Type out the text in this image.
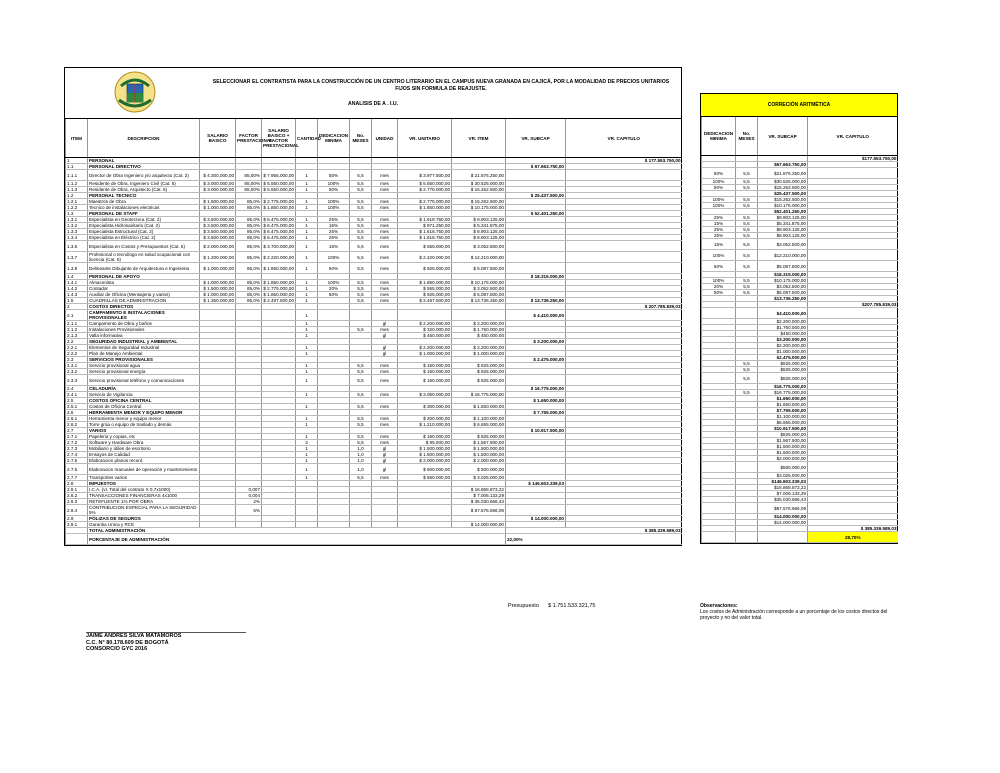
SELECCIONAR EL CONTRATISTA PARA LA CONSTRUCCIÓN DE UN CENTRO LITERARIO EN EL CAMPUS NUEVA GRANADA EN CAJICÁ, POR LA MODALIDAD DE PRECIOS UNITARIOS FIJOS SIN FORMULA DE REAJUSTE.
ANALISIS DE A . I.U.
ITEM	DESCRIPCION	SALARIO BASICO	FACTOR PRESTACIONAL	SALARIO BASICO + FACTOR PRESTACIONAL	CANTIDAD	DEDICACION MINIMA	No. MESES	UNIDAD	VR. UNITARIO	VR. ITEM	VR. SUBCAP	VR. CAPITULO
1	PERSONAL											$ 177.553.750,00
1.1	PERSONAL DIRECTIVO										$ 67.663.750,00	
1.1.1	Director de Obra Ingeniero y/o arquitecto (Cat. 2)	$ 4.300.000,00	85,00%	$ 7.955.000,00	1	50%	5,5	mes	$ 3.977.500,00	$ 21.876.250,00		
1.1.2	Residente de Obra, Ingeniero Civil (Cat. 5)	$ 3.000.000,00	85,00%	$ 5.550.000,00	1	100%	5,5	mes	$ 5.550.000,00	$ 30.525.000,00		
1.1.3	Residente de Obra, Arquitecto (Cat. 5)	$ 3.000.000,00	85,00%	$ 5.550.000,00	1	50%	5,5	mes	$ 2.775.000,00	$ 15.262.500,00		
1.2	PERSONAL TECNICO										$ 25.437.500,00	
1.2.1	Maestros de Obra	$ 1.500.000,00	85,0%	$ 2.775.000,00	1	100%	5,5	mes	$ 2.775.000,00	$ 15.262.500,00		
1.2.2	Tecnico de instalaciones electricas	$ 1.000.000,00	85,0%	$ 1.850.000,00	1	100%	5,5	mes	$ 1.850.000,00	$ 10.175.000,00		
1.3	PERSONAL DE STAFF										$ 52.401.250,00	
1.3.1	Especialista en Geotecnica (Cat. 2)	$ 3.500.000,00	85,0%	$ 6.475.000,00	1	25%	5,5	mes	$ 1.618.750,00	$ 8.903.125,00		
1.3.2	Especialista Hidrosanitario (Cat. 2)	$ 3.500.000,00	85,0%	$ 6.475.000,00	1	15%	5,5	mes	$ 971.250,00	$ 5.341.875,00		
1.3.3	Especialista Estructural (Cat. 2)	$ 3.500.000,00	85,0%	$ 6.475.000,00	1	25%	5,5	mes	$ 1.618.750,00	$ 8.903.125,00		
1.3.4	Especialista en Eléctrico (Cat. 2)	$ 3.500.000,00	85,0%	$ 6.475.000,00	1	25%	5,5	mes	$ 1.618.750,00	$ 8.903.125,00		
1.3.6	Especialista en Costos y Presupuestos (Cat. 5)	$ 2.000.000,00	85,0%	$ 3.700.000,00	1	15%	5,5	mes	$ 555.000,00	$ 3.052.500,00		
1.3.7	Profesional o tecnólogo en salud ocupacional con licencia (Cat. 5)	$ 1.200.000,00	85,0%	$ 2.220.000,00	1	100%	5,5	mes	$ 2.220.000,00	$ 12.210.000,00		
1.3.8	Delineante Dibujante de Arquitectura e Ingenieria	$ 1.000.000,00	85,0%	$ 1.850.000,00	1	50%	5,5	mes	$ 925.000,00	$ 5.087.500,00		
1.4	PERSONAL DE APOYO										$ 18.315.000,00	
1.4.1	Almacenista	$ 1.000.000,00	85,0%	$ 1.850.000,00	1	100%	5,5	mes	$ 1.850.000,00	$ 10.175.000,00		
1.4.2	Contador	$ 1.500.000,00	85,0%	$ 2.775.000,00	1	20%	5,5	mes	$ 555.000,00	$ 3.052.500,00		
1.4.3	Auxiliar de Oficina (Mensajeria y varios)	$ 1.000.000,00	85,0%	$ 1.850.000,00	1	50%	5,5	mes	$ 925.000,00	$ 5.087.500,00		
1.5	CUADRILLAS DE ADMINISTRACION	$ 1.350.000,00	85,0%	$ 2.497.500,00	1		5,5	mes	$ 2.497.500,00	$ 13.736.250,00	$ 13.736.250,00	
2	COSTOS DIRECTOS											$ 207.785.839,03
2.1	CAMPAMENTO E INSTALACIONES PROVISIONALES				1						$ 4.410.000,00	
2.1.1	Campamento de Obra y baños				1			gl	$ 2.200.000,00	$ 2.200.000,00		
2.1.2	Instalaciones Provisionales				1		5,5	mes	$ 320.000,00	$ 1.760.000,00		
2.1.3	Valla informativa				1			gl	$ 450.000,00	$ 450.000,00		
2.2	SEGURIDAD INDUSTRIAL y AMBIENTAL										$ 3.200.000,00	
2.2.1	Elementos de Seguridad Industrial				1			gl	$ 2.200.000,00	$ 2.200.000,00		
2.2.2	Plan de Manejo Ambiental				1			gl	$ 1.000.000,00	$ 1.000.000,00		
2.3	SERVICIOS PROVISIONALES										$ 2.475.000,00	
2.3.1	Servicio provisional agua				1		5,5	mes	$ 150.000,00	$ 825.000,00		
2.3.2	Servicio provisional energía				1		5,5	mes	$ 150.000,00	$ 825.000,00		
2.3.3	Servicio provisional teléfono y comunicaciones				1		5,5	mes	$ 150.000,00	$ 825.000,00		
2.4	CELADURÍA										$ 16.775.000,00	
2.4.1	Servicio de Vigilancia				1		5,5	mes	$ 3.050.000,00	$ 16.775.000,00		
2.5	COSTOS OFICINA CENTRAL										$ 1.650.000,00	
2.5.1	Costos de Oficina Central				1		5,5	mes	$ 300.000,00	$ 1.650.000,00		
2.6	HERRAMIENTA MENOR Y EQUIPO MENOR										$ 7.755.000,00	
2.6.1	Herramienta menor y equipo menor				1		5,5	mes	$ 200.000,00	$ 1.100.000,00		
2.6.2	Torre grúa o equipo de traslado y demás				1		5,5	mes	$ 1.210.000,00	$ 6.655.000,00		
2.7	VARIOS										$ 10.917.500,00	
2.7.1	Papeleria y copias, etc				1		5,5	mes	$ 150.000,00	$ 825.000,00		
2.7.2	Software y Hardware Obra				3		5,5	mes	$ 95.000,00	$ 1.567.500,00		
2.7.3	Mobiliario y útiles de escritorio				1		1,0	gl	$ 1.500.000,00	$ 1.500.000,00		
2.7.4	Ensayos de Calidad				1		1,0	gl	$ 1.500.000,00	$ 1.500.000,00		
2.7.5	Elaboracion planos record				1		1,0	gl	$ 2.000.000,00	$ 2.000.000,00		
2.7.6	Elaboracion manuales de operación y mantenimiento				1		1,0	gl	$ 500.000,00	$ 500.000,00		
2.7.7	Transportes varios				1		5,5	mes	$ 550.000,00	$ 3.025.000,00		
2.8	IMPUESTOS										$ 146.603.339,03	
2.8.1	I.C.A. (vr. Total del contrato X 0,7x1000)		0,007							$ 16.868.873,22		
2.8.2	TRANSACCIONES FINANCIERAS 4x1000		0,004							$ 7.006.133,29		
2.8.3	RETEFUENTE 1% POR OBRA		2%							$ 35.030.666,43		
2.8.4	CONTRIBUCION ESPECIAL PARA LA SEGURIDAD 5%		5%							$ 87.576.666,09		
2.9	PÓLIZAS DE SEGUROS										$ 14.000.000,00	
2.9.1	Garantia Unica y RCE									$ 14.000.000,00		
	TOTAL ADMINISTRACIÓN										$ 385.339.589,03	
	PORCENTAJE DE ADMINISTRACIÓN										22,00%	
CORRECIÓN ARITMÉTICA
DEDICACION MINIMA	No. MESES	VR. SUBCAP	VR. CAPITULO
			$177.553.750,00
		$67.663.750,00	
50%	5,5	$21.876.250,00	
100%	5,5	$30.525.000,00	
50%	5,5	$15.262.500,00	
		$25.437.500,00	
100%	5,5	$15.262.500,00	
100%	5,5	$10.175.000,00	
		$52.401.250,00	
25%	5,5	$8.903.125,00	
15%	5,5	$5.341.875,00	
25%	5,5	$8.903.125,00	
25%	5,5	$8.903.125,00	
15%	5,5	$3.052.500,00	
100%	5,5	$12.210.000,00	
50%	5,5	$5.087.500,00	
		$18.315.000,00	
100%	5,5	$10.175.000,00	
20%	5,5	$3.052.500,00	
50%	5,5	$5.087.500,00	
		$13.736.250,00	
			$207.785.839,03
		$4.410.000,00	
		$2.200.000,00	
		$1.760.000,00	
		$450.000,00	
		$3.200.000,00	
		$2.200.000,00	
		$1.000.000,00	
		$2.475.000,00	
	5,5	$825.000,00	
	5,5	$825.000,00	
	5,5	$825.000,00	
		$16.775.000,00	
	5,5	$16.775.000,00	
		$1.650.000,00	
		$1.650.000,00	
		$7.755.000,00	
		$1.100.000,00	
		$6.655.000,00	
		$10.917.500,00	
		$825.000,00	
		$1.567.500,00	
		$1.500.000,00	
		$1.500.000,00	
		$2.000.000,00	
		$500.000,00	
		$3.025.000,00	
		$146.603.339,03	
		$16.868.873,22	
		$7.006.133,29	
		$35.030.666,43	
		$87.576.666,09	
		$14.000.000,00	
		$14.000.000,00	
			$ 385.339.589,03
			28,70%
Presupuesto $ 1.751.533.321,75	Observaciones:
Los costos de Administración corresponde a un porcentaje de los costos directos del proyecto y no del valor total.
JAIME ANDRES SILVA MATAMOROS
C.C. N° 80.178.609 DE BOGOTÁ
CONSORCIO GYC 2016
